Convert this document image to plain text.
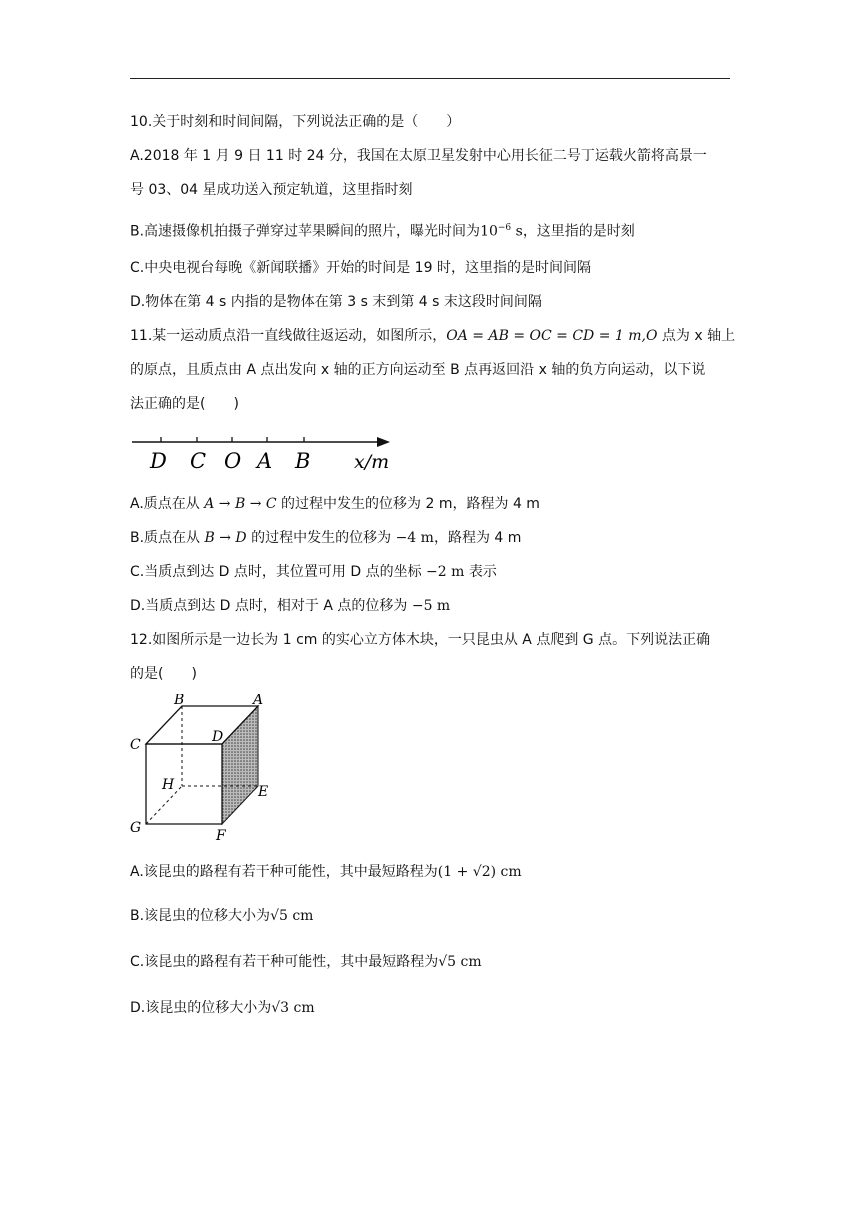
10.关于时刻和时间间隔，下列说法正确的是（　　）
A.2018 年 1 月 9 日 11 时 24 分，我国在太原卫星发射中心用长征二号丁运载火箭将高景一
号 03、04 星成功送入预定轨道，这里指时刻
B.高速摄像机拍摄子弹穿过苹果瞬间的照片，曝光时间为$10^{-6}$ s，这里指的是时刻
C.中央电视台每晚《新闻联播》开始的时间是 19 时，这里指的是时间间隔
D.物体在第 4 s 内指的是物体在第 3 s 末到第 4 s 末这段时间间隔
11.某一运动质点沿一直线做往返运动，如图所示，OA = AB = OC = CD = 1 m,O 点为 x 轴上
的原点，且质点由 A 点出发向 x 轴的正方向运动至 B 点再返回沿 x 轴的负方向运动，以下说
法正确的是(　　)
D C O A B x/m
A.质点在从 A → B → C 的过程中发生的位移为 2 m，路程为 4 m
B.质点在从 B → D 的过程中发生的位移为 −4 m，路程为 4 m
C.当质点到达 D 点时，其位置可用 D 点的坐标 −2 m 表示
D.当质点到达 D 点时，相对于 A 点的位移为 −5 m
12.如图所示是一边长为 1 cm 的实心立方体木块，一只昆虫从 A 点爬到 G 点。下列说法正确
的是(　　)
B	A
C	D
H	E
G	F
A.该昆虫的路程有若干种可能性，其中最短路程为(1 + √2) cm
B.该昆虫的位移大小为√5 cm
C.该昆虫的路程有若干种可能性，其中最短路程为√5 cm
D.该昆虫的位移大小为√3 cm
